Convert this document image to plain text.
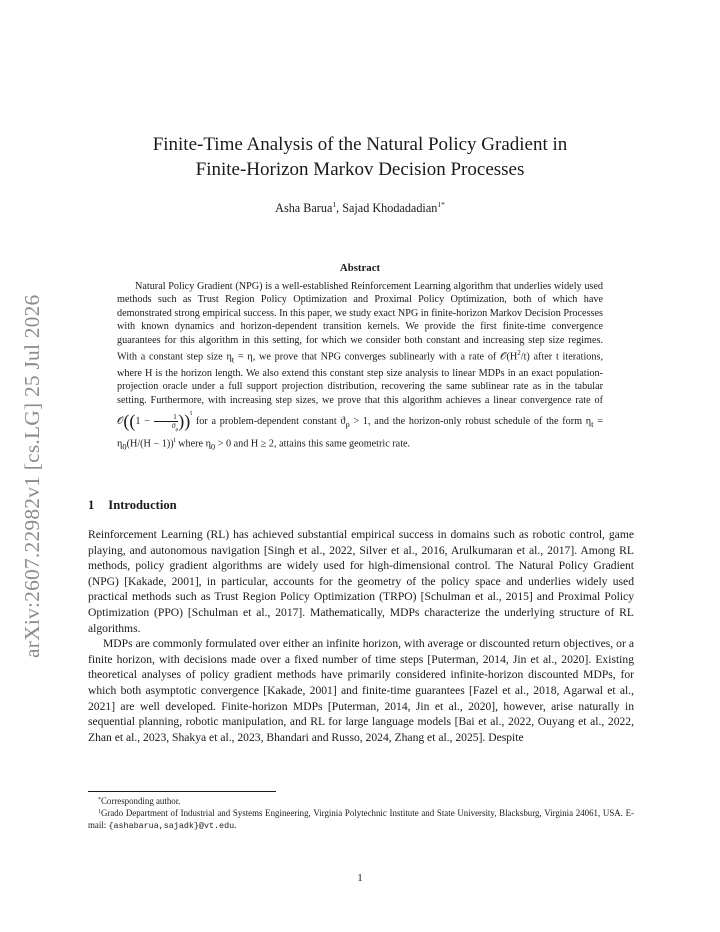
arXiv:2607.22982v1 [cs.LG] 25 Jul 2026
Finite-Time Analysis of the Natural Policy Gradient in
Finite-Horizon Markov Decision Processes
Asha Barua$^1$, Sajad Khodadadian$^{1*}$
Abstract

Natural Policy Gradient (NPG) is a well-established Reinforcement Learning algorithm that underlies widely used methods such as Trust Region Policy Optimization and Proximal Policy Optimization, both of which have demonstrated strong empirical success. In this paper, we study exact NPG in finite-horizon Markov Decision Processes with known dynamics and horizon-dependent transition kernels. We provide the first finite-time convergence guarantees for this algorithm in this setting, for which we consider both constant and increasing step size regimes. With a constant step size $\eta_t = \eta$, we prove that NPG converges sublinearly with a rate of $𝒪(H^2/t)$ after t iterations, where H is the horizon length. We also extend this constant step size analysis to linear MDPs in an exact population-projection oracle under a full support projection distribution, recovering the same sublinear rate as in the tabular setting. Furthermore, with increasing step sizes, we prove that this algorithm achieves a linear convergence rate of 𝒪((1 − $\frac{1}{ϑ_\rho} ))^t$ for a problem-dependent constant $ϑ_\rho > 1$, and the horizon-only robust schedule of the form $\eta_t = \eta_0(H/(H - 1))^t$ where $\eta_0 > 0$ and H ≥ 2, attains this same geometric rate.

1 Introduction

Reinforcement Learning (RL) has achieved substantial empirical success in domains such as robotic control, game playing, and autonomous navigation [Singh et al., 2022, Silver et al., 2016, Arulkumaran et al., 2017]. Among RL methods, policy gradient algorithms are widely used for high-dimensional control. The Natural Policy Gradient (NPG) [Kakade, 2001], in particular, accounts for the geometry of the policy space and underlies widely used practical methods such as Trust Region Policy Optimization (TRPO) [Schulman et al., 2015] and Proximal Policy Optimization (PPO) [Schulman et al., 2017]. Mathematically, MDPs characterize the underlying structure of RL algorithms.

MDPs are commonly formulated over either an infinite horizon, with average or discounted return objectives, or a finite horizon, with decisions made over a fixed number of time steps [Puterman, 2014, Jin et al., 2020]. Existing theoretical analyses of policy gradient methods have primarily considered infinite-horizon discounted MDPs, for which both asymptotic convergence [Kakade, 2001] and finite-time guarantees [Fazel et al., 2018, Agarwal et al., 2021] are well developed. Finite-horizon MDPs [Puterman, 2014, Jin et al., 2020], however, arise naturally in sequential planning, robotic manipulation, and RL for large language models [Bai et al., 2022, Ouyang et al., 2022, Zhan et al., 2023, Shakya et al., 2023, Bhandari and Russo, 2024, Zhang et al., 2025]. Despite

*Corresponding author.

$^1$Grado Department of Industrial and Systems Engineering, Virginia Polytechnic Institute and State University, Blacksburg, Virginia 24061, USA. E-mail: {ashabarua,sajadk}@vt.edu.

1
